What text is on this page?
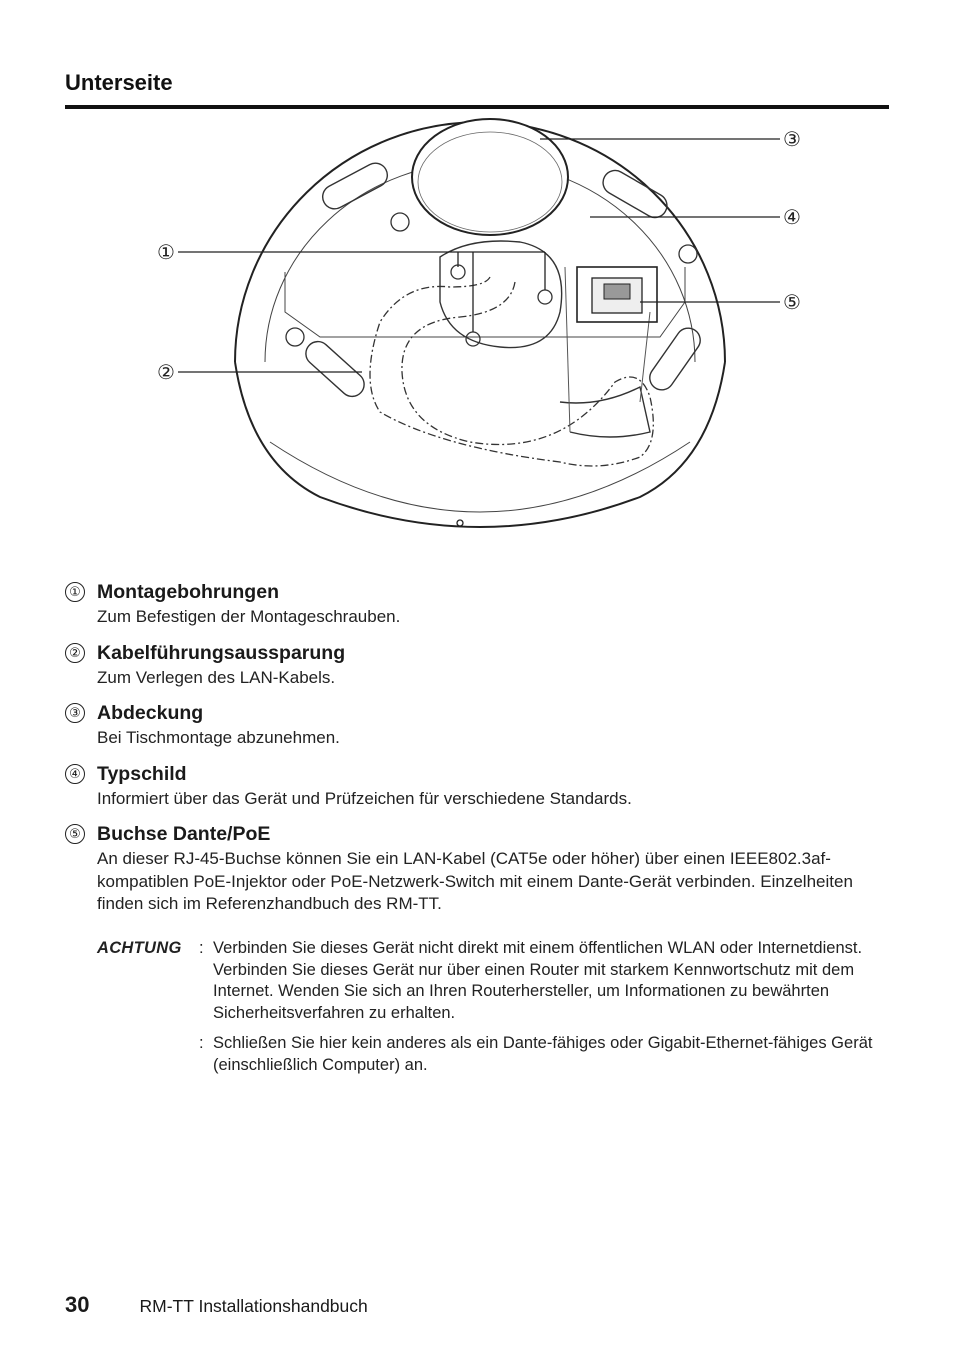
Unterseite
①
②
③
④
⑤
① Montagebohrungen
Zum Befestigen der Montageschrauben.
② Kabelführungsaussparung
Zum Verlegen des LAN-Kabels.
③ Abdeckung
Bei Tischmontage abzunehmen.
④ Typschild
Informiert über das Gerät und Prüfzeichen für verschiedene Standards.
⑤ Buchse Dante/PoE
An dieser RJ-45-Buchse können Sie ein LAN-Kabel (CAT5e oder höher) über einen IEEE802.3af-kompatiblen PoE-Injektor oder PoE-Netzwerk-Switch mit einem Dante-Gerät verbinden. Einzelheiten finden sich im Referenzhandbuch des RM-TT.
ACHTUNG	: Verbinden Sie dieses Gerät nicht direkt mit einem öffentlichen WLAN oder Internetdienst. Verbinden Sie dieses Gerät nur über einen Router mit starkem Kennwortschutz mit dem Internet. Wenden Sie sich an Ihren Routerhersteller, um Informationen zu bewährten Sicherheitsverfahren zu erhalten.
: Schließen Sie hier kein anderes als ein Dante-fähiges oder Gigabit-Ethernet-fähiges Gerät (einschließlich Computer) an.
30	RM-TT Installationshandbuch
